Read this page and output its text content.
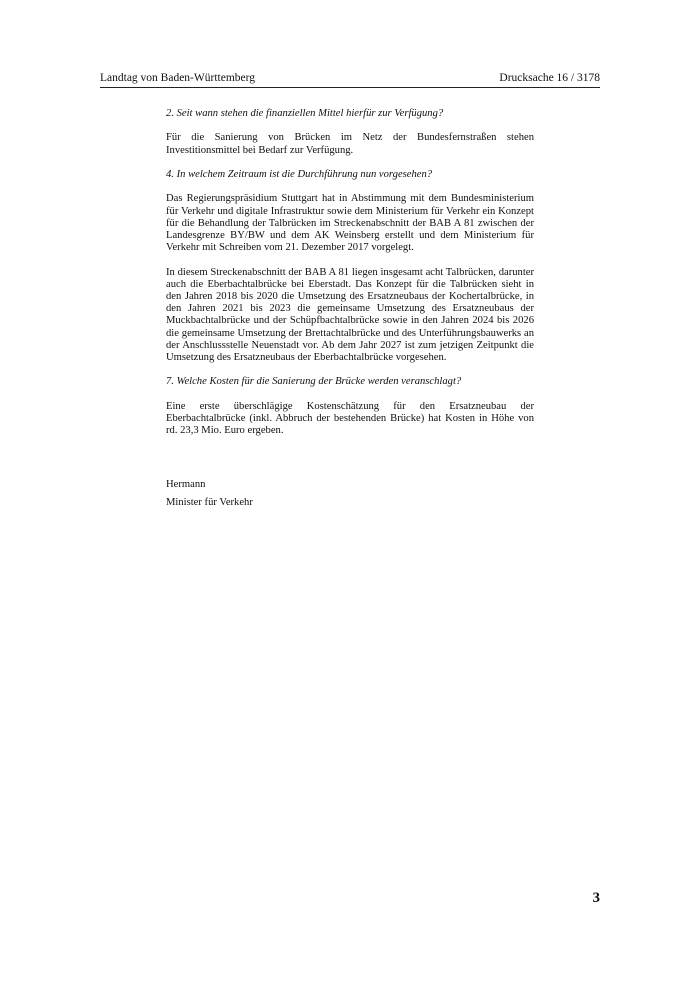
Landtag von Baden-Württemberg	Drucksache 16 / 3178

2. Seit wann stehen die finanziellen Mittel hierfür zur Verfügung?

Für die Sanierung von Brücken im Netz der Bundesfernstraßen stehen Investitionsmittel bei Bedarf zur Verfügung.

4. In welchem Zeitraum ist die Durchführung nun vorgesehen?

Das Regierungspräsidium Stuttgart hat in Abstimmung mit dem Bundesministerium für Verkehr und digitale Infrastruktur sowie dem Ministerium für Verkehr ein Konzept für die Behandlung der Talbrücken im Streckenabschnitt der BAB A 81 zwischen der Landesgrenze BY/BW und dem AK Weinsberg erstellt und dem Ministerium für Verkehr mit Schreiben vom 21. Dezember 2017 vorgelegt.

In diesem Streckenabschnitt der BAB A 81 liegen insgesamt acht Talbrücken, darunter auch die Eberbachtalbrücke bei Eberstadt. Das Konzept für die Talbrücken sieht in den Jahren 2018 bis 2020 die Umsetzung des Ersatzneubaus der Kochertalbrücke, in den Jahren 2021 bis 2023 die gemeinsame Umsetzung des Ersatzneubaus der Muckbachtalbrücke und der Schüpfbachtalbrücke sowie in den Jahren 2024 bis 2026 die gemeinsame Umsetzung der Brettachtalbrücke und des Unterführungsbauwerks an der Anschlussstelle Neuenstadt vor. Ab dem Jahr 2027 ist zum jetzigen Zeitpunkt die Umsetzung des Ersatzneubaus der Eberbachtalbrücke vorgesehen.

7. Welche Kosten für die Sanierung der Brücke werden veranschlagt?

Eine erste überschlägige Kostenschätzung für den Ersatzneubau der Eberbachtalbrücke (inkl. Abbruch der bestehenden Brücke) hat Kosten in Höhe von rd. 23,3 Mio. Euro ergeben.

Hermann
Minister für Verkehr
3
